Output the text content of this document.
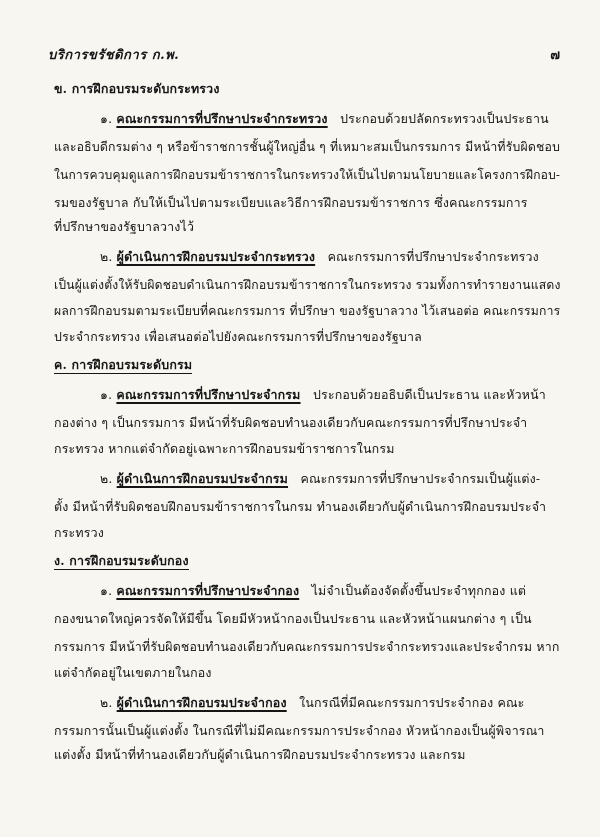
บริการขรัชดิการ ก.พ.	๗
ข. การฝึกอบรมระดับกระทรวง
๑. คณะกรรมการที่ปรึกษาประจำกระทรวง ประกอบด้วยปลัดกระทรวงเป็นประธาน
และอธิบดีกรมต่าง ๆ หรือข้าราชการชั้นผู้ใหญ่อื่น ๆ ที่เหมาะสมเป็นกรรมการ มีหน้าที่รับผิดชอบ
ในการควบคุมดูแลการฝึกอบรมข้าราชการในกระทรวงให้เป็นไปตามนโยบายและโครงการฝึกอบ-
รมของรัฐบาล กับให้เป็นไปตามระเบียบและวิธีการฝึกอบรมข้าราชการ ซึ่งคณะกรรมการ
ที่ปรึกษาของรัฐบาลวางไว้
๒. ผู้ดำเนินการฝึกอบรมประจำกระทรวง คณะกรรมการที่ปรึกษาประจำกระทรวง
เป็นผู้แต่งตั้งให้รับผิดชอบดำเนินการฝึกอบรมข้าราชการในกระทรวง รวมทั้งการทำรายงานแสดง
ผลการฝึกอบรมตามระเบียบที่คณะกรรมการ ที่ปรึกษา ของรัฐบาลวาง ไว้เสนอต่อ คณะกรรมการ
ประจำกระทรวง เพื่อเสนอต่อไปยังคณะกรรมการที่ปรึกษาของรัฐบาล
ค. การฝึกอบรมระดับกรม
๑. คณะกรรมการที่ปรึกษาประจำกรม ประกอบด้วยอธิบดีเป็นประธาน และหัวหน้า
กองต่าง ๆ เป็นกรรมการ มีหน้าที่รับผิดชอบทำนองเดียวกับคณะกรรมการที่ปรึกษาประจำ
กระทรวง หากแต่จำกัดอยู่เฉพาะการฝึกอบรมข้าราชการในกรม
๒. ผู้ดำเนินการฝึกอบรมประจำกรม คณะกรรมการที่ปรึกษาประจำกรมเป็นผู้แต่ง-
ตั้ง มีหน้าที่รับผิดชอบฝึกอบรมข้าราชการในกรม ทำนองเดียวกับผู้ดำเนินการฝึกอบรมประจำ
กระทรวง
ง. การฝึกอบรมระดับกอง
๑. คณะกรรมการที่ปรึกษาประจำกอง ไม่จำเป็นต้องจัดตั้งขึ้นประจำทุกกอง แต่
กองขนาดใหญ่ควรจัดให้มีขึ้น โดยมีหัวหน้ากองเป็นประธาน และหัวหน้าแผนกต่าง ๆ เป็น
กรรมการ มีหน้าที่รับผิดชอบทำนองเดียวกับคณะกรรมการประจำกระทรวงและประจำกรม หาก
แต่จำกัดอยู่ในเขตภายในกอง
๒. ผู้ดำเนินการฝึกอบรมประจำกอง ในกรณีที่มีคณะกรรมการประจำกอง คณะ
กรรมการนั้นเป็นผู้แต่งตั้ง ในกรณีที่ไม่มีคณะกรรมการประจำกอง หัวหน้ากองเป็นผู้พิจารณา
แต่งตั้ง มีหน้าที่ทำนองเดียวกับผู้ดำเนินการฝึกอบรมประจำกระทรวง และกรม
